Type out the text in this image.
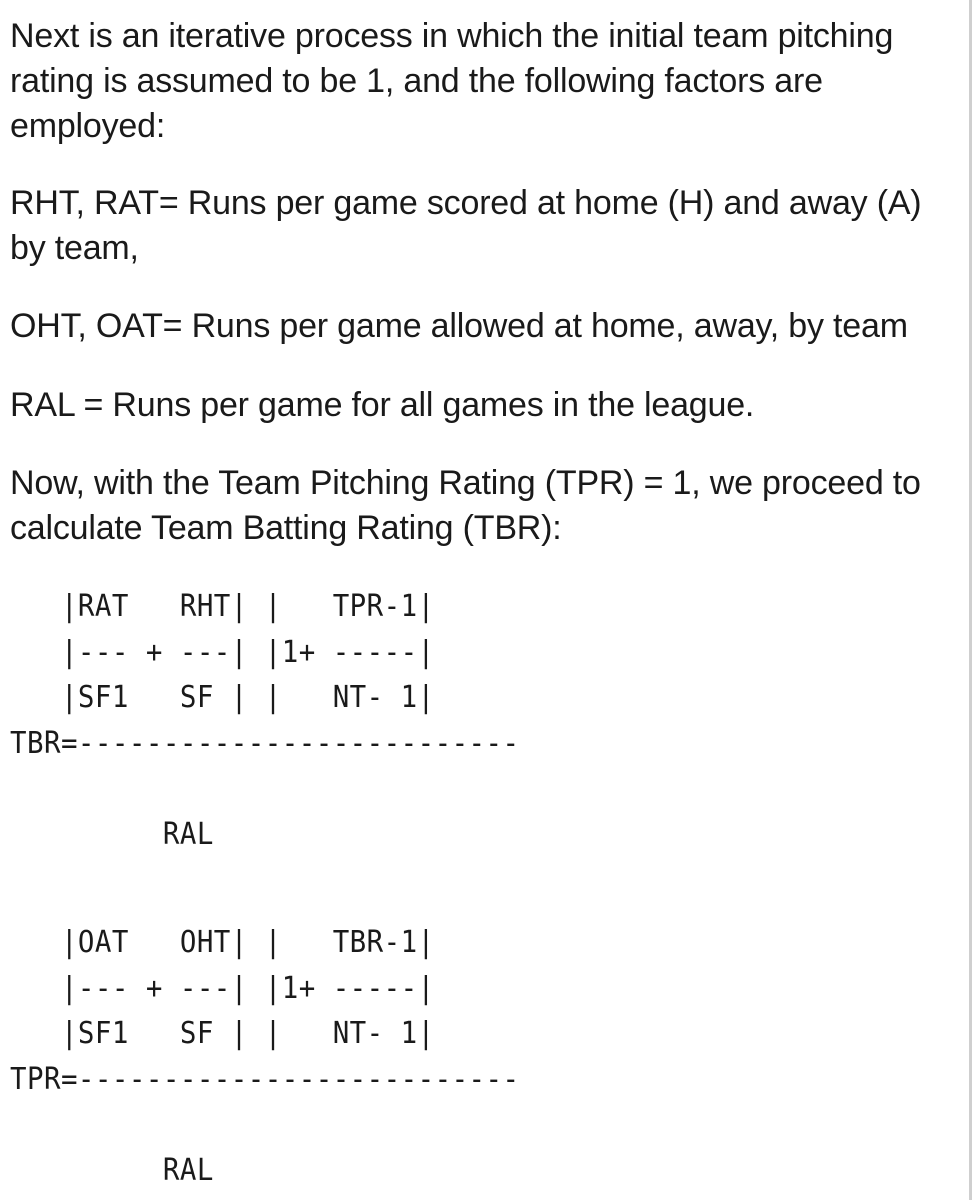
Next is an iterative process in which the initial team pitching rating is assumed to be 1, and the following factors are employed:

RHT, RAT= Runs per game scored at home (H) and away (A) by team,

OHT, OAT= Runs per game allowed at home, away, by team

RAL = Runs per game for all games in the league.

Now, with the Team Pitching Rating (TPR) = 1, we proceed to calculate Team Batting Rating (TBR):

|RAT   RHT| |   TPR-1|
|--- + ---| |1+ -----|
|SF1   SF | |   NT- 1|
TBR=--------------------------

RAL
|OAT   OHT| |   TBR-1|
|--- + ---| |1+ -----|
|SF1   SF | |   NT- 1|
TPR=--------------------------

RAL
